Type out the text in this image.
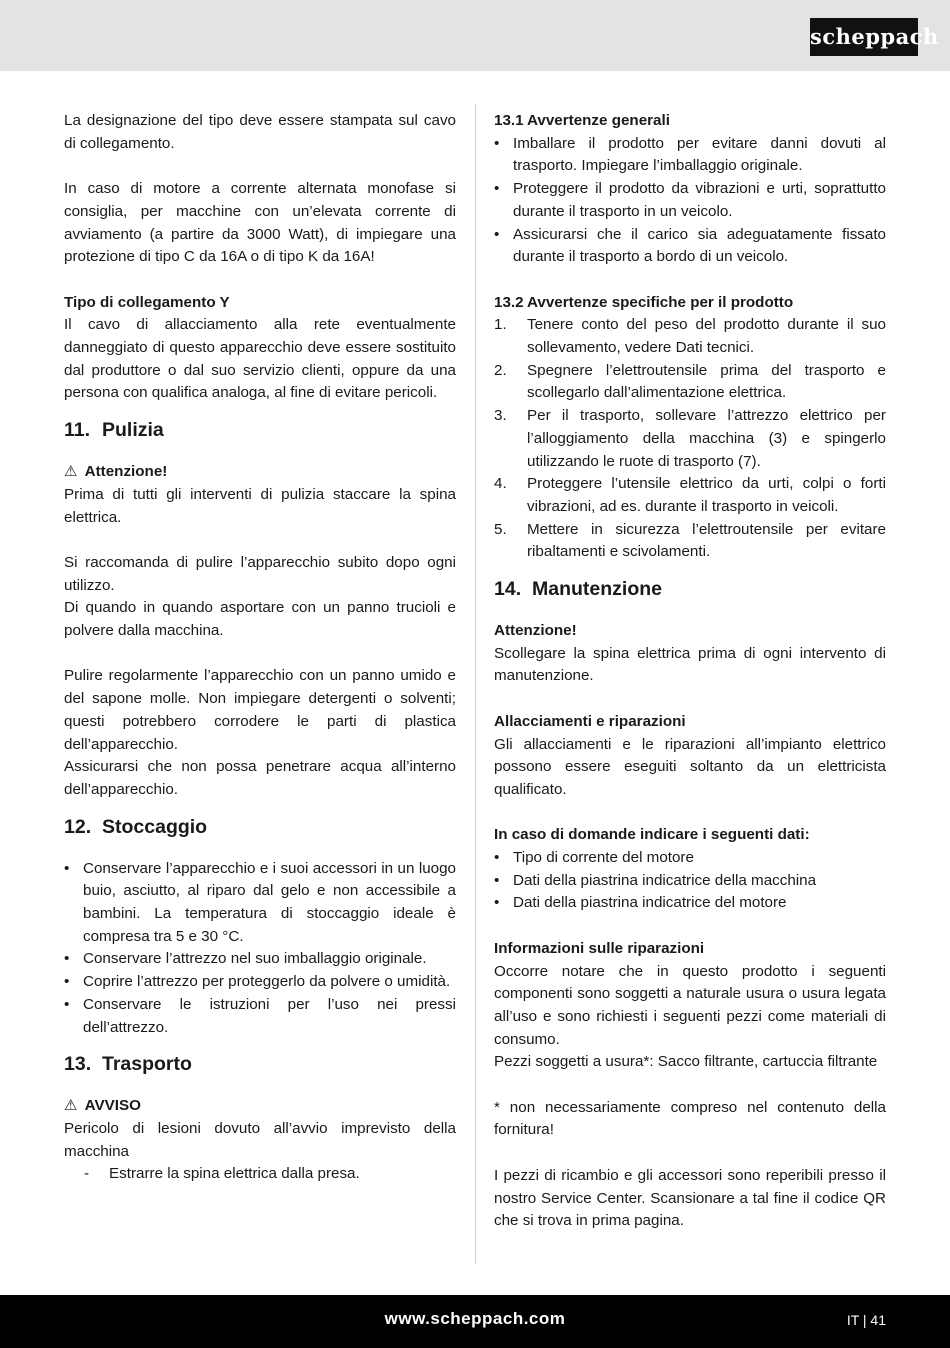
scheppach

La designazione del tipo deve essere stampata sul cavo di collegamento.

In caso di motore a corrente alternata monofase si consiglia, per macchine con un’elevata corrente di avviamento (a partire da 3000 Watt), di impiegare una protezione di tipo C da 16A o di tipo K da 16A!

Tipo di collegamento Y

Il cavo di allacciamento alla rete eventualmente danneggiato di questo apparecchio deve essere sostituito dal produttore o dal suo servizio clienti, oppure da una persona con qualifica analoga, al fine di evitare pericoli.

11. Pulizia
⚠ Attenzione!

Prima di tutti gli interventi di pulizia staccare la spina elettrica.

Si raccomanda di pulire l’apparecchio subito dopo ogni utilizzo.

Di quando in quando asportare con un panno trucioli e polvere dalla macchina.

Pulire regolarmente l’apparecchio con un panno umido e del sapone molle. Non impiegare detergenti o solventi; questi potrebbero corrodere le parti di plastica dell’apparecchio.

Assicurarsi che non possa penetrare acqua all’interno dell’apparecchio.

12. Stoccaggio
• Conservare l’apparecchio e i suoi accessori in un luogo buio, asciutto, al riparo dal gelo e non accessibile a bambini. La temperatura di stoccaggio ideale è compresa tra 5 e 30 °C.
• Conservare l’attrezzo nel suo imballaggio originale.
• Coprire l’attrezzo per proteggerlo da polvere o umidità.
• Conservare le istruzioni per l’uso nei pressi dell’attrezzo.
13. Trasporto
⚠ AVVISO

Pericolo di lesioni dovuto all’avvio imprevisto della macchina

- Estrarre la spina elettrica dalla presa.
13.1 Avvertenze generali
• Imballare il prodotto per evitare danni dovuti al trasporto. Impiegare l’imballaggio originale.
• Proteggere il prodotto da vibrazioni e urti, soprattutto durante il trasporto in un veicolo.
• Assicurarsi che il carico sia adeguatamente fissato durante il trasporto a bordo di un veicolo.
13.2 Avvertenze specifiche per il prodotto
1. Tenere conto del peso del prodotto durante il suo sollevamento, vedere Dati tecnici.
2. Spegnere l’elettroutensile prima del trasporto e scollegarlo dall’alimentazione elettrica.
3. Per il trasporto, sollevare l’attrezzo elettrico per l’alloggiamento della macchina (3) e spingerlo utilizzando le ruote di trasporto (7).
4. Proteggere l’utensile elettrico da urti, colpi o forti vibrazioni, ad es. durante il trasporto in veicoli.
5. Mettere in sicurezza l’elettroutensile per evitare ribaltamenti e scivolamenti.
14. Manutenzione
Attenzione!

Scollegare la spina elettrica prima di ogni intervento di manutenzione.

Allacciamenti e riparazioni

Gli allacciamenti e le riparazioni all’impianto elettrico possono essere eseguiti soltanto da un elettricista qualificato.

In caso di domande indicare i seguenti dati:
• Tipo di corrente del motore
• Dati della piastrina indicatrice della macchina
• Dati della piastrina indicatrice del motore
Informazioni sulle riparazioni

Occorre notare che in questo prodotto i seguenti componenti sono soggetti a naturale usura o usura legata all’uso e sono richiesti i seguenti pezzi come materiali di consumo.

Pezzi soggetti a usura*: Sacco filtrante, cartuccia filtrante

* non necessariamente compreso nel contenuto della fornitura!

I pezzi di ricambio e gli accessori sono reperibili presso il nostro Service Center. Scansionare a tal fine il codice QR che si trova in prima pagina.

www.scheppach.com	IT | 41
